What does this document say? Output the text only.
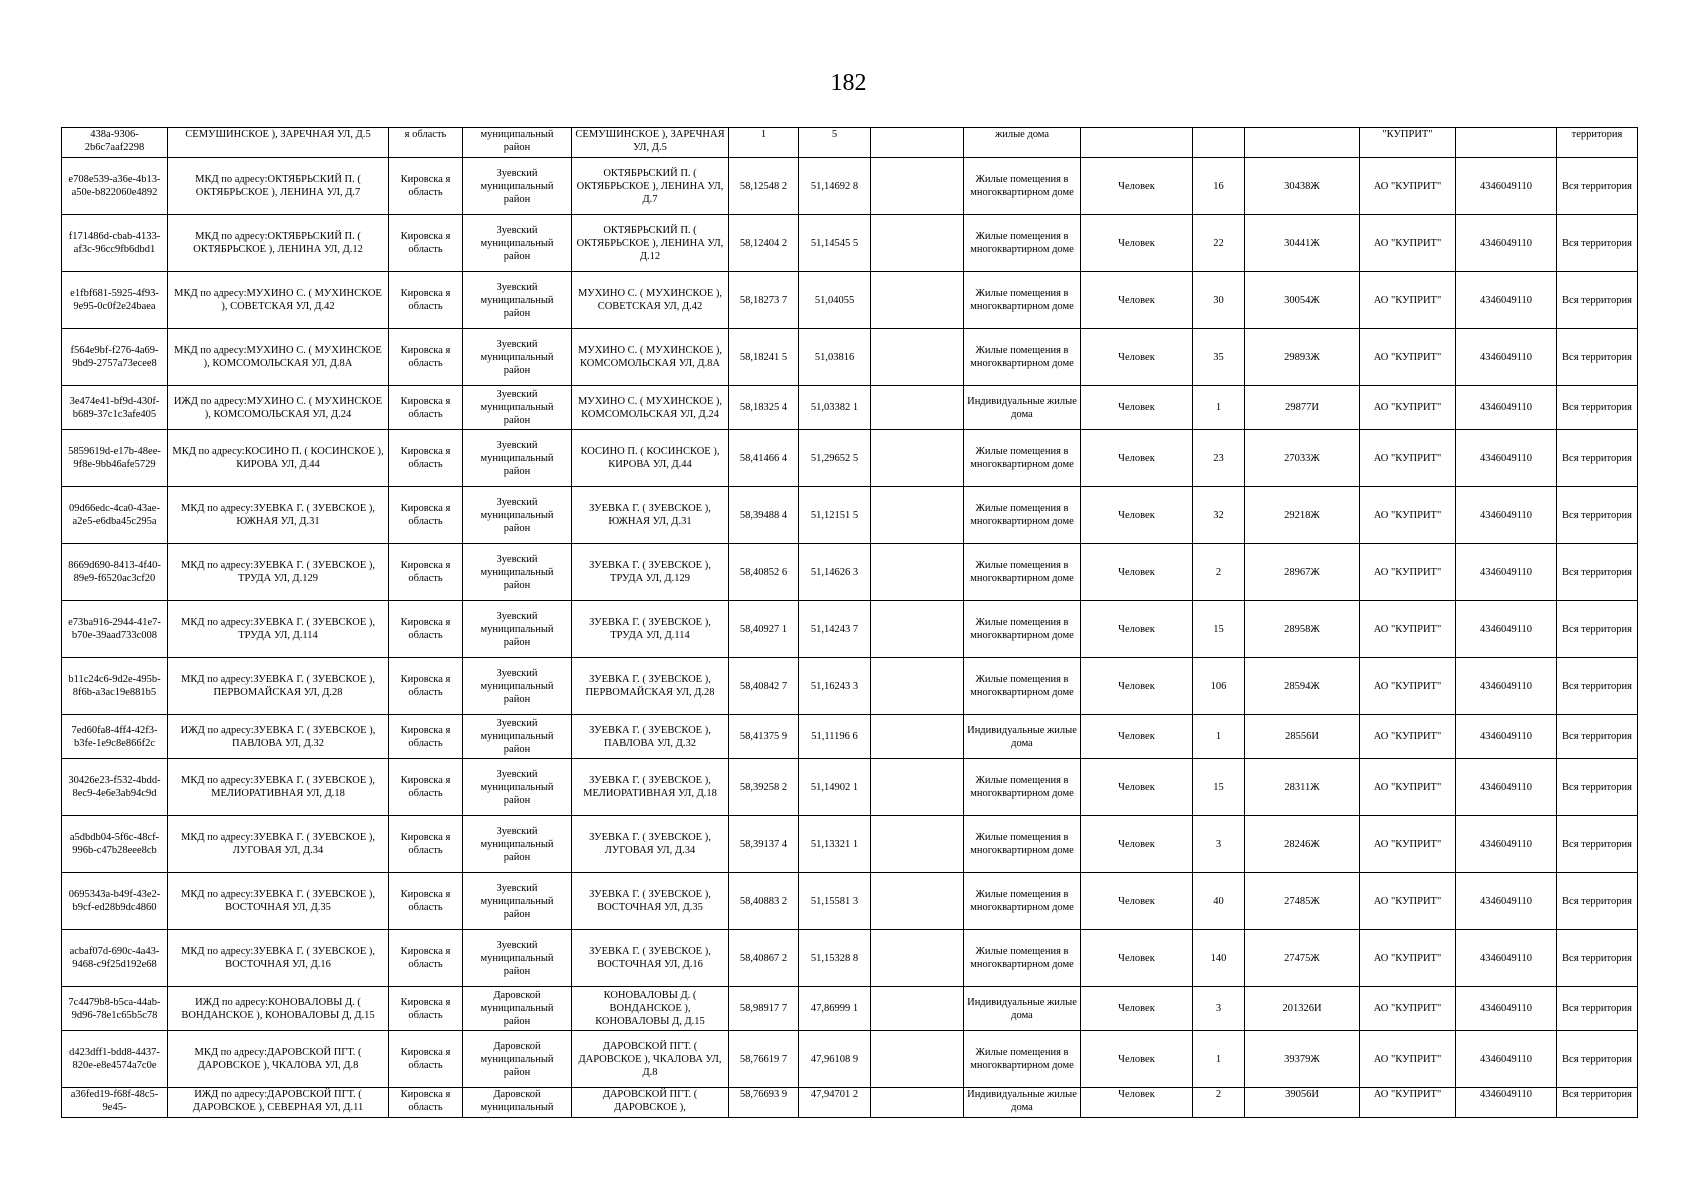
182
438a-9306-2b6c7aaf2298	СЕМУШИНСКОЕ ), ЗАРЕЧНАЯ УЛ, Д.5	я область	муниципальный район	СЕМУШИНСКОЕ ), ЗАРЕЧНАЯ УЛ, Д.5	1	5		жилые дома				"КУПРИТ"		территория
e708e539-a36e-4b13-a50e-b822060e4892	МКД по адресу:ОКТЯБРЬСКИЙ П. ( ОКТЯБРЬСКОЕ ), ЛЕНИНА УЛ, Д.7	Кировска я область	Зуевский муниципальный район	ОКТЯБРЬСКИЙ П. ( ОКТЯБРЬСКОЕ ), ЛЕНИНА УЛ, Д.7	58,12548 2	51,14692 8		Жилые помещения в многоквартирном доме	Человек	16	30438Ж	АО "КУПРИТ"	4346049110	Вся территория
f171486d-cbab-4133-af3c-96cc9fb6dbd1	МКД по адресу:ОКТЯБРЬСКИЙ П. ( ОКТЯБРЬСКОЕ ), ЛЕНИНА УЛ, Д.12	Кировска я область	Зуевский муниципальный район	ОКТЯБРЬСКИЙ П. ( ОКТЯБРЬСКОЕ ), ЛЕНИНА УЛ, Д.12	58,12404 2	51,14545 5		Жилые помещения в многоквартирном доме	Человек	22	30441Ж	АО "КУПРИТ"	4346049110	Вся территория
e1fbf681-5925-4f93-9e95-0c0f2e24baea	МКД по адресу:МУХИНО С. ( МУХИНСКОЕ ), СОВЕТСКАЯ УЛ, Д.42	Кировска я область	Зуевский муниципальный район	МУХИНО С. ( МУХИНСКОЕ ), СОВЕТСКАЯ УЛ, Д.42	58,18273 7	51,04055		Жилые помещения в многоквартирном доме	Человек	30	30054Ж	АО "КУПРИТ"	4346049110	Вся территория
f564e9bf-f276-4a69-9bd9-2757a73ecee8	МКД по адресу:МУХИНО С. ( МУХИНСКОЕ ), КОМСОМОЛЬСКАЯ УЛ, Д.8А	Кировска я область	Зуевский муниципальный район	МУХИНО С. ( МУХИНСКОЕ ), КОМСОМОЛЬСКАЯ УЛ, Д.8А	58,18241 5	51,03816		Жилые помещения в многоквартирном доме	Человек	35	29893Ж	АО "КУПРИТ"	4346049110	Вся территория
3e474e41-bf9d-430f-b689-37c1c3afe405	ИЖД по адресу:МУХИНО С. ( МУХИНСКОЕ ), КОМСОМОЛЬСКАЯ УЛ, Д.24	Кировска я область	Зуевский муниципальный район	МУХИНО С. ( МУХИНСКОЕ ), КОМСОМОЛЬСКАЯ УЛ, Д.24	58,18325 4	51,03382 1		Индивидуальные жилые дома	Человек	1	29877И	АО "КУПРИТ"	4346049110	Вся территория
5859619d-e17b-48ee-9f8e-9bb46afe5729	МКД по адресу:КОСИНО П. ( КОСИНСКОЕ ), КИРОВА УЛ, Д.44	Кировска я область	Зуевский муниципальный район	КОСИНО П. ( КОСИНСКОЕ ), КИРОВА УЛ, Д.44	58,41466 4	51,29652 5		Жилые помещения в многоквартирном доме	Человек	23	27033Ж	АО "КУПРИТ"	4346049110	Вся территория
09d66edc-4ca0-43ae-a2e5-e6dba45c295a	МКД по адресу:ЗУЕВКА Г. ( ЗУЕВСКОЕ ), ЮЖНАЯ УЛ, Д.31	Кировска я область	Зуевский муниципальный район	ЗУЕВКА Г. ( ЗУЕВСКОЕ ), ЮЖНАЯ УЛ, Д.31	58,39488 4	51,12151 5		Жилые помещения в многоквартирном доме	Человек	32	29218Ж	АО "КУПРИТ"	4346049110	Вся территория
8669d690-8413-4f40-89e9-f6520ac3cf20	МКД по адресу:ЗУЕВКА Г. ( ЗУЕВСКОЕ ), ТРУДА УЛ, Д.129	Кировска я область	Зуевский муниципальный район	ЗУЕВКА Г. ( ЗУЕВСКОЕ ), ТРУДА УЛ, Д.129	58,40852 6	51,14626 3		Жилые помещения в многоквартирном доме	Человек	2	28967Ж	АО "КУПРИТ"	4346049110	Вся территория
e73ba916-2944-41e7-b70e-39aad733c008	МКД по адресу:ЗУЕВКА Г. ( ЗУЕВСКОЕ ), ТРУДА УЛ, Д.114	Кировска я область	Зуевский муниципальный район	ЗУЕВКА Г. ( ЗУЕВСКОЕ ), ТРУДА УЛ, Д.114	58,40927 1	51,14243 7		Жилые помещения в многоквартирном доме	Человек	15	28958Ж	АО "КУПРИТ"	4346049110	Вся территория
b11c24c6-9d2e-495b-8f6b-a3ac19e881b5	МКД по адресу:ЗУЕВКА Г. ( ЗУЕВСКОЕ ), ПЕРВОМАЙСКАЯ УЛ, Д.28	Кировска я область	Зуевский муниципальный район	ЗУЕВКА Г. ( ЗУЕВСКОЕ ), ПЕРВОМАЙСКАЯ УЛ, Д.28	58,40842 7	51,16243 3		Жилые помещения в многоквартирном доме	Человек	106	28594Ж	АО "КУПРИТ"	4346049110	Вся территория
7ed60fa8-4ff4-42f3-b3fe-1e9c8e866f2c	ИЖД по адресу:ЗУЕВКА Г. ( ЗУЕВСКОЕ ), ПАВЛОВА УЛ, Д.32	Кировска я область	Зуевский муниципальный район	ЗУЕВКА Г. ( ЗУЕВСКОЕ ), ПАВЛОВА УЛ, Д.32	58,41375 9	51,11196 6		Индивидуальные жилые дома	Человек	1	28556И	АО "КУПРИТ"	4346049110	Вся территория
30426e23-f532-4bdd-8ec9-4e6e3ab94c9d	МКД по адресу:ЗУЕВКА Г. ( ЗУЕВСКОЕ ), МЕЛИОРАТИВНАЯ УЛ, Д.18	Кировска я область	Зуевский муниципальный район	ЗУЕВКА Г. ( ЗУЕВСКОЕ ), МЕЛИОРАТИВНАЯ УЛ, Д.18	58,39258 2	51,14902 1		Жилые помещения в многоквартирном доме	Человек	15	28311Ж	АО "КУПРИТ"	4346049110	Вся территория
a5dbdb04-5f6c-48cf-996b-c47b28eee8cb	МКД по адресу:ЗУЕВКА Г. ( ЗУЕВСКОЕ ), ЛУГОВАЯ УЛ, Д.34	Кировска я область	Зуевский муниципальный район	ЗУЕВКА Г. ( ЗУЕВСКОЕ ), ЛУГОВАЯ УЛ, Д.34	58,39137 4	51,13321 1		Жилые помещения в многоквартирном доме	Человек	3	28246Ж	АО "КУПРИТ"	4346049110	Вся территория
0695343a-b49f-43e2-b9cf-ed28b9dc4860	МКД по адресу:ЗУЕВКА Г. ( ЗУЕВСКОЕ ), ВОСТОЧНАЯ УЛ, Д.35	Кировска я область	Зуевский муниципальный район	ЗУЕВКА Г. ( ЗУЕВСКОЕ ), ВОСТОЧНАЯ УЛ, Д.35	58,40883 2	51,15581 3		Жилые помещения в многоквартирном доме	Человек	40	27485Ж	АО "КУПРИТ"	4346049110	Вся территория
acbaf07d-690c-4a43-9468-c9f25d192e68	МКД по адресу:ЗУЕВКА Г. ( ЗУЕВСКОЕ ), ВОСТОЧНАЯ УЛ, Д.16	Кировска я область	Зуевский муниципальный район	ЗУЕВКА Г. ( ЗУЕВСКОЕ ), ВОСТОЧНАЯ УЛ, Д.16	58,40867 2	51,15328 8		Жилые помещения в многоквартирном доме	Человек	140	27475Ж	АО "КУПРИТ"	4346049110	Вся территория
7c4479b8-b5ca-44ab-9d96-78e1c65b5c78	ИЖД по адресу:КОНОВАЛОВЫ Д. ( ВОНДАНСКОЕ ), КОНОВАЛОВЫ Д, Д.15	Кировска я область	Даровской муниципальный район	КОНОВАЛОВЫ Д. ( ВОНДАНСКОЕ ), КОНОВАЛОВЫ Д, Д.15	58,98917 7	47,86999 1		Индивидуальные жилые дома	Человек	3	201326И	АО "КУПРИТ"	4346049110	Вся территория
d423dff1-bdd8-4437-820e-e8e4574a7c0e	МКД по адресу:ДАРОВСКОЙ ПГТ. ( ДАРОВСКОЕ ), ЧКАЛОВА УЛ, Д.8	Кировска я область	Даровской муниципальный район	ДАРОВСКОЙ ПГТ. ( ДАРОВСКОЕ ), ЧКАЛОВА УЛ, Д.8	58,76619 7	47,96108 9		Жилые помещения в многоквартирном доме	Человек	1	39379Ж	АО "КУПРИТ"	4346049110	Вся территория
a36fed19-f68f-48c5-9e45-	ИЖД по адресу:ДАРОВСКОЙ ПГТ. ( ДАРОВСКОЕ ), СЕВЕРНАЯ УЛ, Д.11	Кировска я область	Даровской муниципальный	ДАРОВСКОЙ ПГТ. ( ДАРОВСКОЕ ),	58,76693 9	47,94701 2		Индивидуальные жилые дома	Человек	2	39056И	АО "КУПРИТ"	4346049110	Вся территория
